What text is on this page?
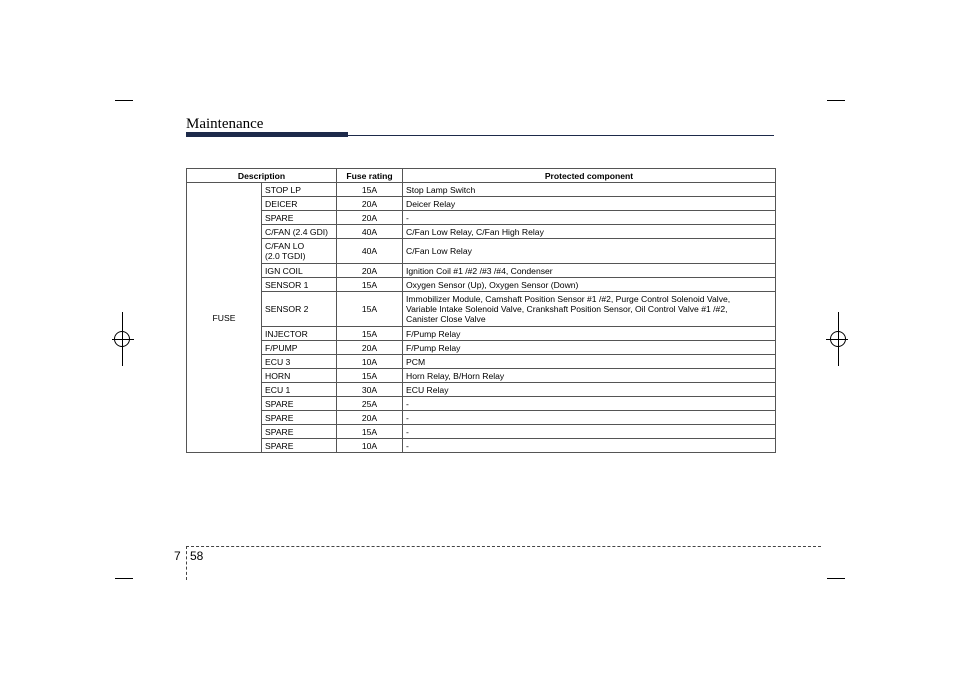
Maintenance
Description		Fuse rating	Protected component
FUSE	STOP LP	15A	Stop Lamp Switch
	DEICER	20A	Deicer Relay
	SPARE	20A	-
	C/FAN (2.4 GDI)	40A	C/Fan Low Relay, C/Fan High Relay
	C/FAN LO
(2.0 TGDI)	40A	C/Fan Low Relay
	IGN COIL	20A	Ignition Coil #1 /#2 /#3 /#4, Condenser
	SENSOR 1	15A	Oxygen Sensor (Up), Oxygen Sensor (Down)
	SENSOR 2	15A	Immobilizer Module, Camshaft Position Sensor #1 /#2, Purge Control Solenoid Valve,
Variable Intake Solenoid Valve, Crankshaft Position Sensor, Oil Control Valve #1 /#2,
Canister Close Valve
	INJECTOR	15A	F/Pump Relay
	F/PUMP	20A	F/Pump Relay
	ECU 3	10A	PCM
	HORN	15A	Horn Relay, B/Horn Relay
	ECU 1	30A	ECU Relay
	SPARE	25A	-
	SPARE	20A	-
	SPARE	15A	-
	SPARE	10A	-
7 58
